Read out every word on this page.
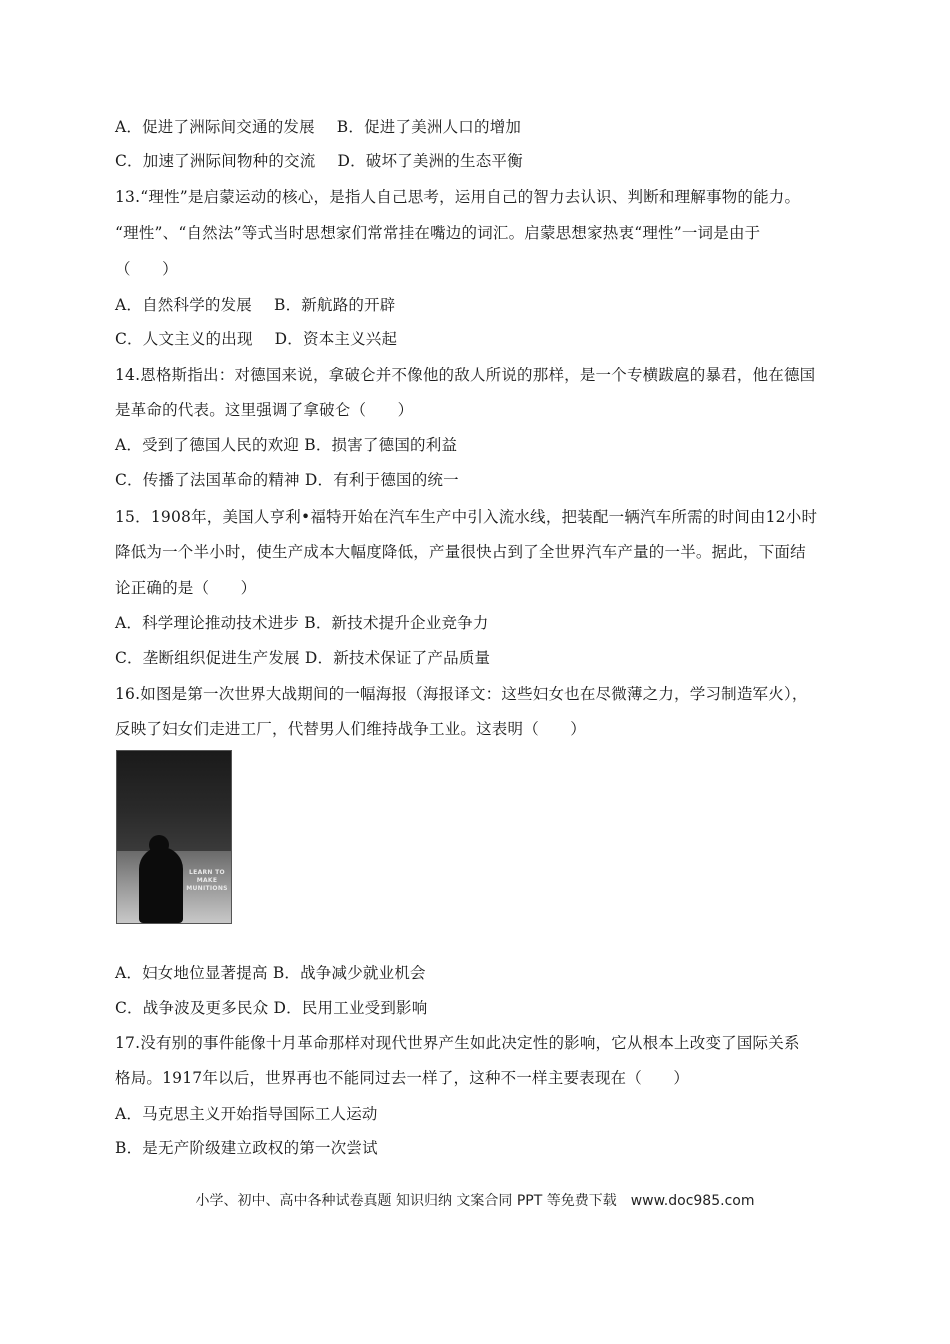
A．促进了洲际间交通的发展 B．促进了美洲人口的增加
C．加速了洲际间物种的交流 D．破坏了美洲的生态平衡
13.“理性”是启蒙运动的核心，是指人自己思考，运用自己的智力去认识、判断和理解事物的能力。
“理性”、“自然法”等式当时思想家们常常挂在嘴边的词汇。启蒙思想家热衷“理性”一词是由于
（　　）
A．自然科学的发展 B．新航路的开辟
C．人文主义的出现 D．资本主义兴起
14.恩格斯指出：对德国来说，拿破仑并不像他的敌人所说的那样，是一个专横跋扈的暴君，他在德国
是革命的代表。这里强调了拿破仑（　　）
A．受到了德国人民的欢迎 B．损害了德国的利益
C．传播了法国革命的精神 D．有利于德国的统一
15．1908年，美国人亨利•福特开始在汽车生产中引入流水线，把装配一辆汽车所需的时间由12小时
降低为一个半小时，使生产成本大幅度降低，产量很快占到了全世界汽车产量的一半。据此，下面结
论正确的是（　　）
A．科学理论推动技术进步 B．新技术提升企业竞争力
C．垄断组织促进生产发展 D．新技术保证了产品质量
16.如图是第一次世界大战期间的一幅海报（海报译文：这些妇女也在尽微薄之力，学习制造军火），
反映了妇女们走进工厂，代替男人们维持战争工业。这表明（　　）
LEARN TO MAKE MUNITIONS
A．妇女地位显著提高 B．战争减少就业机会
C．战争波及更多民众 D．民用工业受到影响
17.没有别的事件能像十月革命那样对现代世界产生如此决定性的影响，它从根本上改变了国际关系
格局。1917年以后，世界再也不能同过去一样了，这种不一样主要表现在（　　）
A．马克思主义开始指导国际工人运动
B．是无产阶级建立政权的第一次尝试
小学、初中、高中各种试卷真题 知识归纳 文案合同 PPT 等免费下载　www.doc985.com
